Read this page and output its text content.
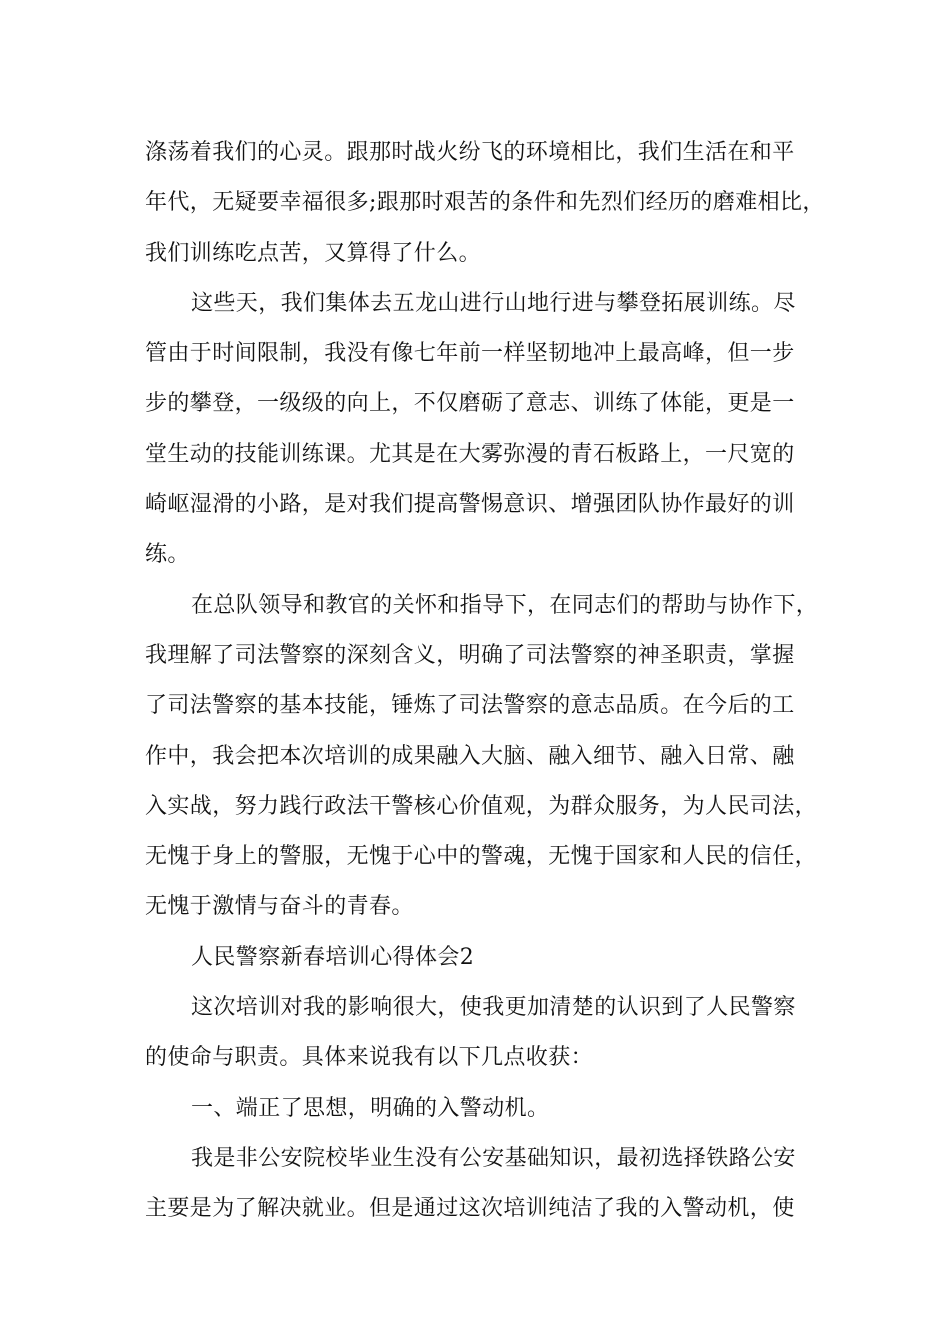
涤荡着我们的心灵。跟那时战火纷飞的环境相比，我们生活在和平
年代，无疑要幸福很多;跟那时艰苦的条件和先烈们经历的磨难相比，
我们训练吃点苦，又算得了什么。

这些天，我们集体去五龙山进行山地行进与攀登拓展训练。尽
管由于时间限制，我没有像七年前一样坚韧地冲上最高峰，但一步
步的攀登，一级级的向上，不仅磨砺了意志、训练了体能，更是一
堂生动的技能训练课。尤其是在大雾弥漫的青石板路上，一尺宽的
崎岖湿滑的小路，是对我们提高警惕意识、增强团队协作最好的训
练。

在总队领导和教官的关怀和指导下，在同志们的帮助与协作下，
我理解了司法警察的深刻含义，明确了司法警察的神圣职责，掌握
了司法警察的基本技能，锤炼了司法警察的意志品质。在今后的工
作中，我会把本次培训的成果融入大脑、融入细节、融入日常、融
入实战，努力践行政法干警核心价值观，为群众服务，为人民司法，
无愧于身上的警服，无愧于心中的警魂，无愧于国家和人民的信任，
无愧于激情与奋斗的青春。

人民警察新春培训心得体会2

这次培训对我的影响很大，使我更加清楚的认识到了人民警察
的使命与职责。具体来说我有以下几点收获：

一、端正了思想，明确的入警动机。

我是非公安院校毕业生没有公安基础知识，最初选择铁路公安
主要是为了解决就业。但是通过这次培训纯洁了我的入警动机，使
